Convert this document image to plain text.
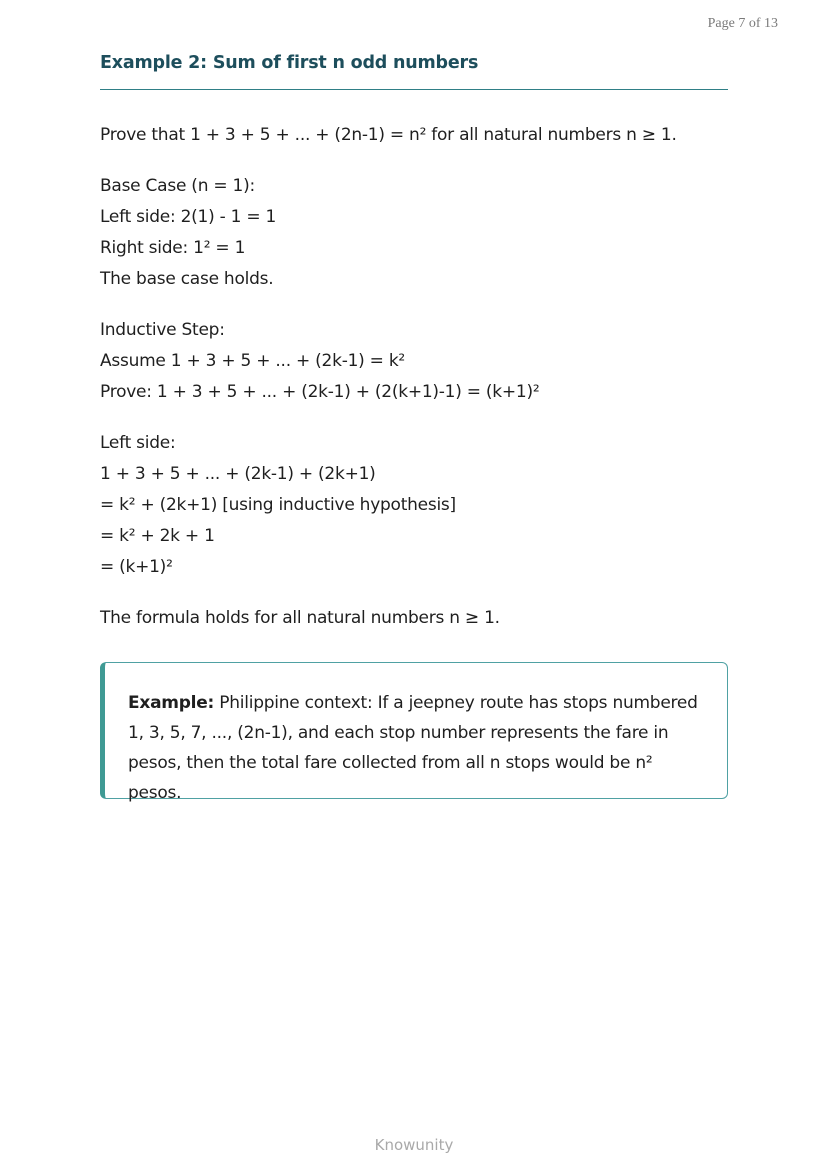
Page 7 of 13
Example 2: Sum of first n odd numbers

Prove that 1 + 3 + 5 + ... + (2n-1) = n² for all natural numbers n ≥ 1.

Base Case (n = 1):
Left side: 2(1) - 1 = 1
Right side: 1² = 1
The base case holds.

Inductive Step:
Assume 1 + 3 + 5 + ... + (2k-1) = k²
Prove: 1 + 3 + 5 + ... + (2k-1) + (2(k+1)-1) = (k+1)²

Left side:
1 + 3 + 5 + ... + (2k-1) + (2k+1)
= k² + (2k+1) [using inductive hypothesis]
= k² + 2k + 1
= (k+1)²

The formula holds for all natural numbers n ≥ 1.

Example: Philippine context: If a jeepney route has stops numbered 1, 3, 5, 7, ..., (2n-1), and each stop number represents the fare in pesos, then the total fare collected from all n stops would be n² pesos.
Knowunity
